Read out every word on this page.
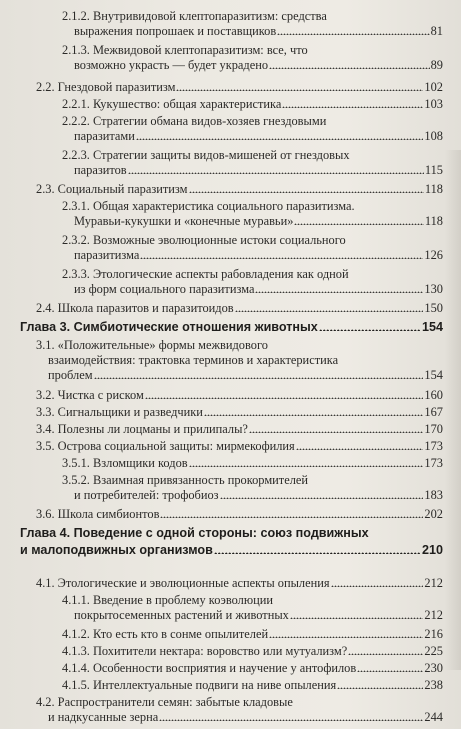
2.1.2. Внутривидовой клептопаразитизм: средства
выражения попрошаек и поставщиков	81
2.1.3. Межвидовой клептопаразитизм: все, что
возможно украсть — будет украдено	89
2.2. Гнездовой паразитизм	102
2.2.1. Кукушество: общая характеристика	103
2.2.2. Стратегии обмана видов-хозяев гнездовыми
паразитами	108
2.2.3. Стратегии защиты видов-мишеней от гнездовых
паразитов	115
2.3. Социальный паразитизм	118
2.3.1. Общая характеристика социального паразитизма.
Муравьи-кукушки и «конечные муравьи»	118
2.3.2. Возможные эволюционные истоки социального
паразитизма	126
2.3.3. Этологические аспекты рабовладения как одной
из форм социального паразитизма	130
2.4. Школа паразитов и паразитоидов	150
Глава 3. Симбиотические отношения животных	154
3.1. «Положительные» формы межвидового
взаимодействия: трактовка терминов и характеристика
проблем	154
3.2. Чистка с риском	160
3.3. Сигнальщики и разведчики	167
3.4. Полезны ли лоцманы и прилипалы?	170
3.5. Острова социальной защиты: мирмекофилия	173
3.5.1. Взломщики кодов	173
3.5.2. Взаимная привязанность прокормителей
и потребителей: трофобиоз	183
3.6. Школа симбионтов	202
Глава 4. Поведение с одной стороны: союз подвижных
и малоподвижных организмов	210
4.1. Этологические и эволюционные аспекты опыления	212
4.1.1. Введение в проблему коэволюции
покрытосеменных растений и животных	212
4.1.2. Кто есть кто в сонме опылителей	216
4.1.3. Похитители нектара: воровство или мутуализм?	225
4.1.4. Особенности восприятия и научение у антофилов	230
4.1.5. Интеллектуальные подвиги на ниве опыления	238
4.2. Распространители семян: забытые кладовые
и надкусанные зерна	244
